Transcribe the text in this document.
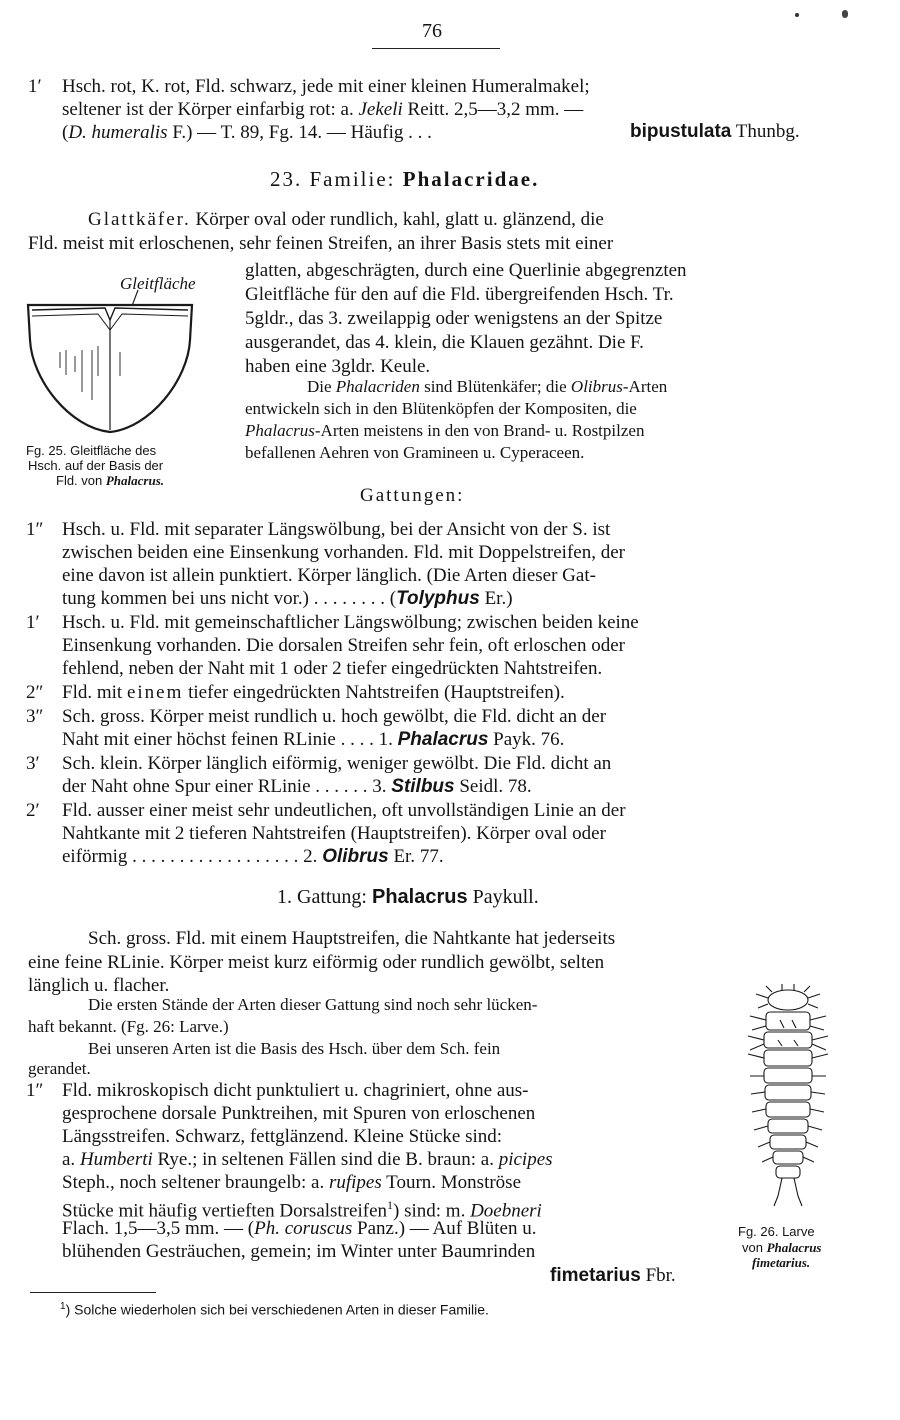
76
1′ Hsch. rot, K. rot, Fld. schwarz, jede mit einer kleinen Humeralmakel;
seltener ist der Körper einfarbig rot: a. Jekeli Reitt. 2,5—3,2 mm. —
(D. humeralis F.) — T. 89, Fg. 14. — Häufig . . .	bipustulata Thunbg.
23. Familie: Phalacridae.
Glattkäfer. Körper oval oder rundlich, kahl, glatt u. glänzend, die
Fld. meist mit erloschenen, sehr feinen Streifen, an ihrer Basis stets mit einer
glatten, abgeschrägten, durch eine Querlinie abgegrenzten
Gleitfläche für den auf die Fld. übergreifenden Hsch. Tr.
5gldr., das 3. zweilappig oder wenigstens an der Spitze
ausgerandet, das 4. klein, die Klauen gezähnt. Die F.
haben eine 3gldr. Keule.
Die Phalacriden sind Blütenkäfer; die Olibrus-Arten
entwickeln sich in den Blütenköpfen der Kompositen, die
Phalacrus-Arten meistens in den von Brand- u. Rostpilzen
befallenen Aehren von Gramineen u. Cyperaceen.
Gleitfläche
Fg. 25. Gleitfläche des
Hsch. auf der Basis der
Fld. von Phalacrus.
Gattungen:
1″ Hsch. u. Fld. mit separater Längswölbung, bei der Ansicht von der S. ist
zwischen beiden eine Einsenkung vorhanden. Fld. mit Doppelstreifen, der
eine davon ist allein punktiert. Körper länglich. (Die Arten dieser Gat-
tung kommen bei uns nicht vor.) . . . . . . . . (Tolyphus Er.)
1′ Hsch. u. Fld. mit gemeinschaftlicher Längswölbung; zwischen beiden keine
Einsenkung vorhanden. Die dorsalen Streifen sehr fein, oft erloschen oder
fehlend, neben der Naht mit 1 oder 2 tiefer eingedrückten Nahtstreifen.
2″ Fld. mit einem tiefer eingedrückten Nahtstreifen (Hauptstreifen).
3″ Sch. gross. Körper meist rundlich u. hoch gewölbt, die Fld. dicht an der
Naht mit einer höchst feinen RLinie . . . . 1. Phalacrus Payk. 76.
3′ Sch. klein. Körper länglich eiförmig, weniger gewölbt. Die Fld. dicht an
der Naht ohne Spur einer RLinie . . . . . . 3. Stilbus Seidl. 78.
2′ Fld. ausser einer meist sehr undeutlichen, oft unvollständigen Linie an der
Nahtkante mit 2 tieferen Nahtstreifen (Hauptstreifen). Körper oval oder
eiförmig . . . . . . . . . . . . . . . . . . 2. Olibrus Er. 77.
1. Gattung: Phalacrus Paykull.
Sch. gross. Fld. mit einem Hauptstreifen, die Nahtkante hat jederseits
eine feine RLinie. Körper meist kurz eiförmig oder rundlich gewölbt, selten
länglich u. flacher.
Die ersten Stände der Arten dieser Gattung sind noch sehr lücken-
haft bekannt. (Fg. 26: Larve.)
Bei unseren Arten ist die Basis des Hsch. über dem Sch. fein
gerandet.
1″ Fld. mikroskopisch dicht punktuliert u. chagriniert, ohne aus-
gesprochene dorsale Punktreihen, mit Spuren von erloschenen
Längsstreifen. Schwarz, fettglänzend. Kleine Stücke sind:
a. Humberti Rye.; in seltenen Fällen sind die B. braun: a. picipes
Steph., noch seltener braungelb: a. rufipes Tourn. Monströse
Stücke mit häufig vertieften Dorsalstreifen$^1$) sind: m. Doebneri
Flach. 1,5—3,5 mm. — (Ph. coruscus Panz.) — Auf Blüten u.
blühenden Gesträuchen, gemein; im Winter unter Baumrinden
fimetarius Fbr.
Fg. 26. Larve
von Phalacrus
fimetarius.
$^1$) Solche wiederholen sich bei verschiedenen Arten in dieser Familie.
